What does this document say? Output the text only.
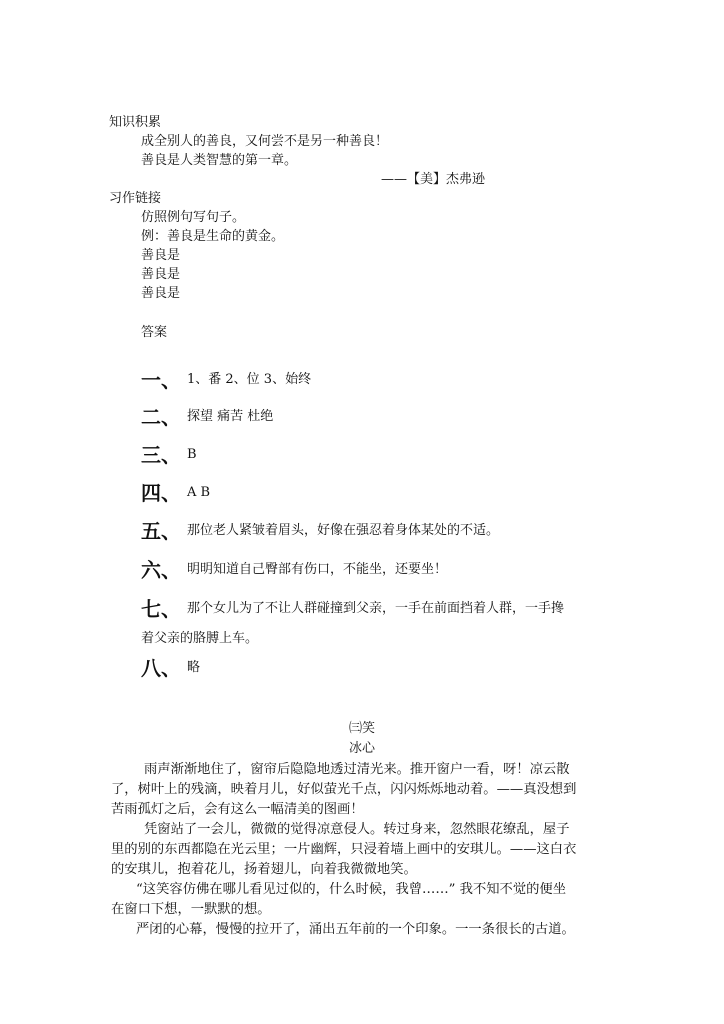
知识积累
成全别人的善良，又何尝不是另一种善良！
善良是人类智慧的第一章。
——【美】杰弗逊
习作链接
仿照例句写句子。
例：善良是生命的黄金。
善良是
善良是
善良是
答案
一、 1、番 2、位 3、始终
二、 探望 痛苦 杜绝
三、 B
四、 A B
五、 那位老人紧皱着眉头，好像在强忍着身体某处的不适。
六、 明明知道自己臀部有伤口，不能坐，还要坐！
七、 那个女儿为了不让人群碰撞到父亲，一手在前面挡着人群，一手搀
着父亲的胳膊上车。
八、 略
㈢笑
冰心
雨声渐渐地住了，窗帘后隐隐地透过清光来。推开窗户一看，呀！凉云散
了，树叶上的残滴，映着月儿，好似萤光千点，闪闪烁烁地动着。——真没想到
苦雨孤灯之后，会有这么一幅清美的图画！
凭窗站了一会儿，微微的觉得凉意侵人。转过身来，忽然眼花缭乱，屋子
里的别的东西都隐在光云里；一片幽辉，只浸着墙上画中的安琪儿。——这白衣
的安琪儿，抱着花儿，扬着翅儿，向着我微微地笑。
“这笑容仿佛在哪儿看见过似的，什么时候，我曾……” 我不知不觉的便坐
在窗口下想，一默默的想。
严闭的心幕，慢慢的拉开了，涌出五年前的一个印象。一一条很长的古道。
